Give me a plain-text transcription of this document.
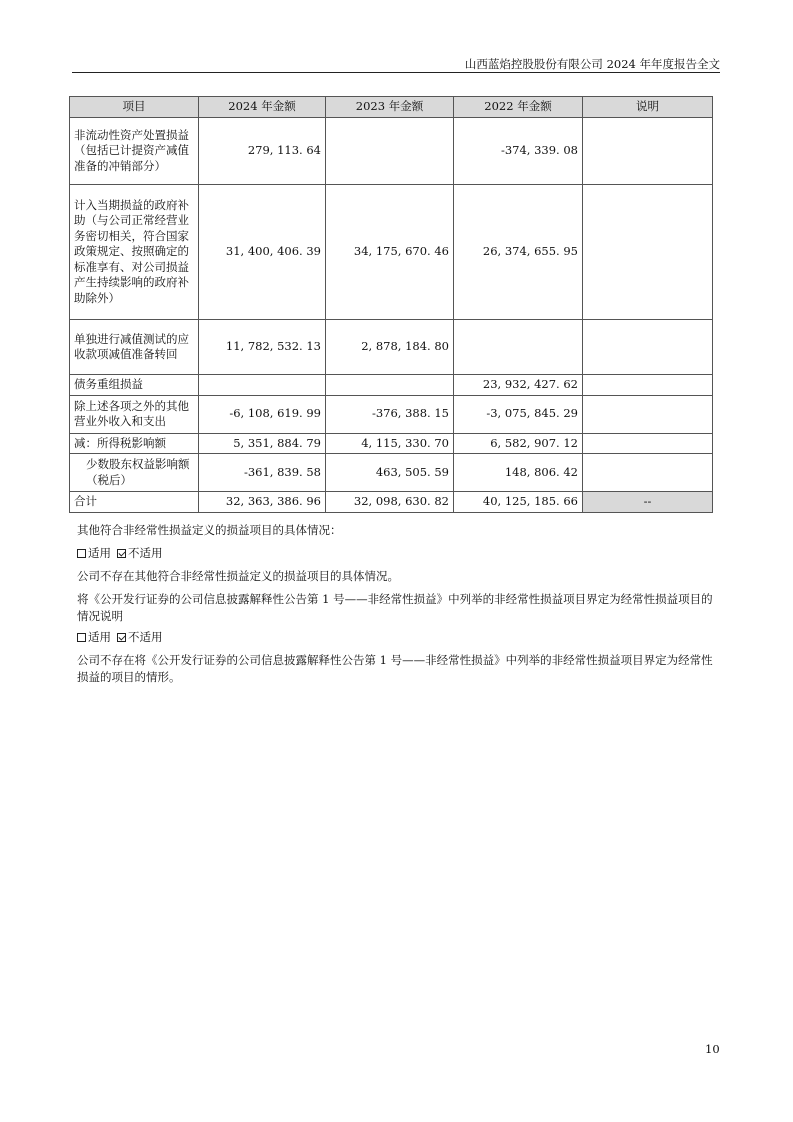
山西蓝焰控股股份有限公司 2024 年年度报告全文
项目	2024 年金额	2023 年金额	2022 年金额	说明
非流动性资产处置损益（包括已计提资产减值准备的冲销部分）	279, 113. 64		-374, 339. 08	
计入当期损益的政府补助（与公司正常经营业务密切相关，符合国家政策规定、按照确定的标准享有、对公司损益产生持续影响的政府补助除外）	31, 400, 406. 39	34, 175, 670. 46	26, 374, 655. 95	
单独进行减值测试的应收款项减值准备转回	11, 782, 532. 13	2, 878, 184. 80		
债务重组损益			23, 932, 427. 62	
除上述各项之外的其他营业外收入和支出	-6, 108, 619. 99	-376, 388. 15	-3, 075, 845. 29	
减：所得税影响额	5, 351, 884. 79	4, 115, 330. 70	6, 582, 907. 12	
少数股东权益影响额（税后）	-361, 839. 58	463, 505. 59	148, 806. 42	
合计	32, 363, 386. 96	32, 098, 630. 82	40, 125, 185. 66	--

其他符合非经常性损益定义的损益项目的具体情况：

适用 不适用

公司不存在其他符合非经常性损益定义的损益项目的具体情况。

将《公开发行证券的公司信息披露解释性公告第 1 号——非经常性损益》中列举的非经常性损益项目界定为经常性损益项目的情况说明

适用 不适用

公司不存在将《公开发行证券的公司信息披露解释性公告第 1 号——非经常性损益》中列举的非经常性损益项目界定为经常性损益的项目的情形。

10
